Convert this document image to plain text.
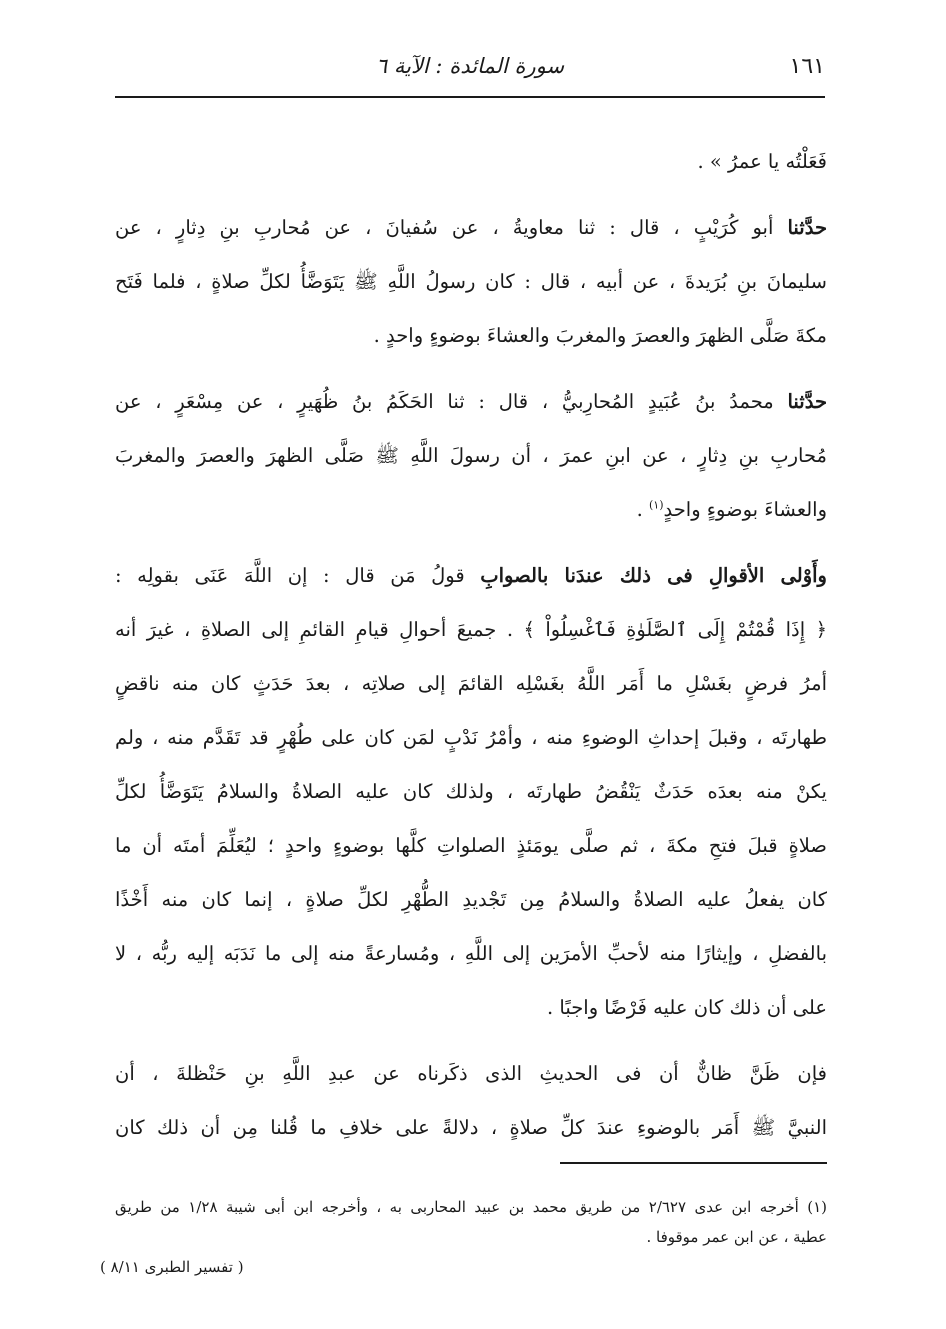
١٦١
سورة المائدة : الآية ٦
فَعَلْتُه يا عمرُ » .
حدَّثنا أبو كُرَيْبٍ ، قال : ثنا معاويةُ ، عن سُفيانَ ، عن مُحاربِ بنِ دِثارٍ ، عن
سليمانَ بنِ بُرَيدةَ ، عن أبيه ، قال : كان رسولُ اللَّهِ ﷺ يَتَوَضَّأُ لكلِّ صلاةٍ ، فلما فَتَح
مكةَ صَلَّى الظهرَ والعصرَ والمغربَ والعشاءَ بوضوءٍ واحدٍ .
حدَّثنا محمدُ بنُ عُبَيدٍ المُحارِبيُّ ، قال : ثنا الحَكَمُ بنُ ظُهَيرٍ ، عن مِسْعَرٍ ، عن
مُحاربِ بنِ دِثارٍ ، عن ابنِ عمرَ ، أن رسولَ اللَّهِ ﷺ صَلَّى الظهرَ والعصرَ والمغربَ
والعشاءَ بوضوءٍ واحدٍ$^{(١)}$ .
وأَوْلى الأقوالِ فى ذلك عندَنا بالصوابِ قولُ مَن قال : إن اللَّهَ عَنَى بقولِه :
﴿ إِذَا قُمْتُمْ إِلَى ٱلصَّلَوٰةِ فَٱغْسِلُواْ ﴾ . جميعَ أحوالِ قيامِ القائمِ إلى الصلاةِ ، غيرَ أنه
أمرُ فرضٍ بغَسْلِ ما أَمَر اللَّهُ بغَسْلِه القائمَ إلى صلاتِه ، بعدَ حَدَثٍ كان منه ناقضٍ
طهارتَه ، وقبلَ إحداثِ الوضوءِ منه ، وأمْرُ نَدْبٍ لمَن كان على طُهْرٍ قد تَقَدَّم منه ، ولم
يكنْ منه بعدَه حَدَثٌ يَنْقُضُ طهارتَه ، ولذلك كان عليه الصلاةُ والسلامُ يَتَوَضَّأُ لكلِّ
صلاةٍ قبلَ فتحِ مكةَ ، ثم صلَّى يومَئذٍ الصلواتِ كلَّها بوضوءٍ واحدٍ ؛ ليُعَلِّمَ أمتَه أن ما
كان يفعلُ عليه الصلاةُ والسلامُ مِن تَجْديدِ الطُّهْرِ لكلِّ صلاةٍ ، إنما كان منه أَخْذًا
بالفضلِ ، وإيثارًا منه لأحبِّ الأمرَين إلى اللَّهِ ، ومُسارعةً منه إلى ما نَدَبَه إليه ربُّه ، لا
على أن ذلك كان عليه فَرْضًا واجبًا .
فإن ظَنَّ ظانٌّ أن فى الحديثِ الذى ذكَرناه عن عبدِ اللَّهِ بنِ حَنْظلةَ ، أن
النبيَّ ﷺ أَمَر بالوضوءِ عندَ كلِّ صلاةٍ ، دلالةً على خلافِ ما قُلنا مِن أن ذلك كان
(١) أخرجه ابن عدى ٢/٦٢٧ من طريق محمد بن عبيد المحاربى به ، وأخرجه ابن أبى شيبة ١/٢٨ من طريق
عطية ، عن ابن عمر موقوفا .
( تفسير الطبرى ٨/١١ )
